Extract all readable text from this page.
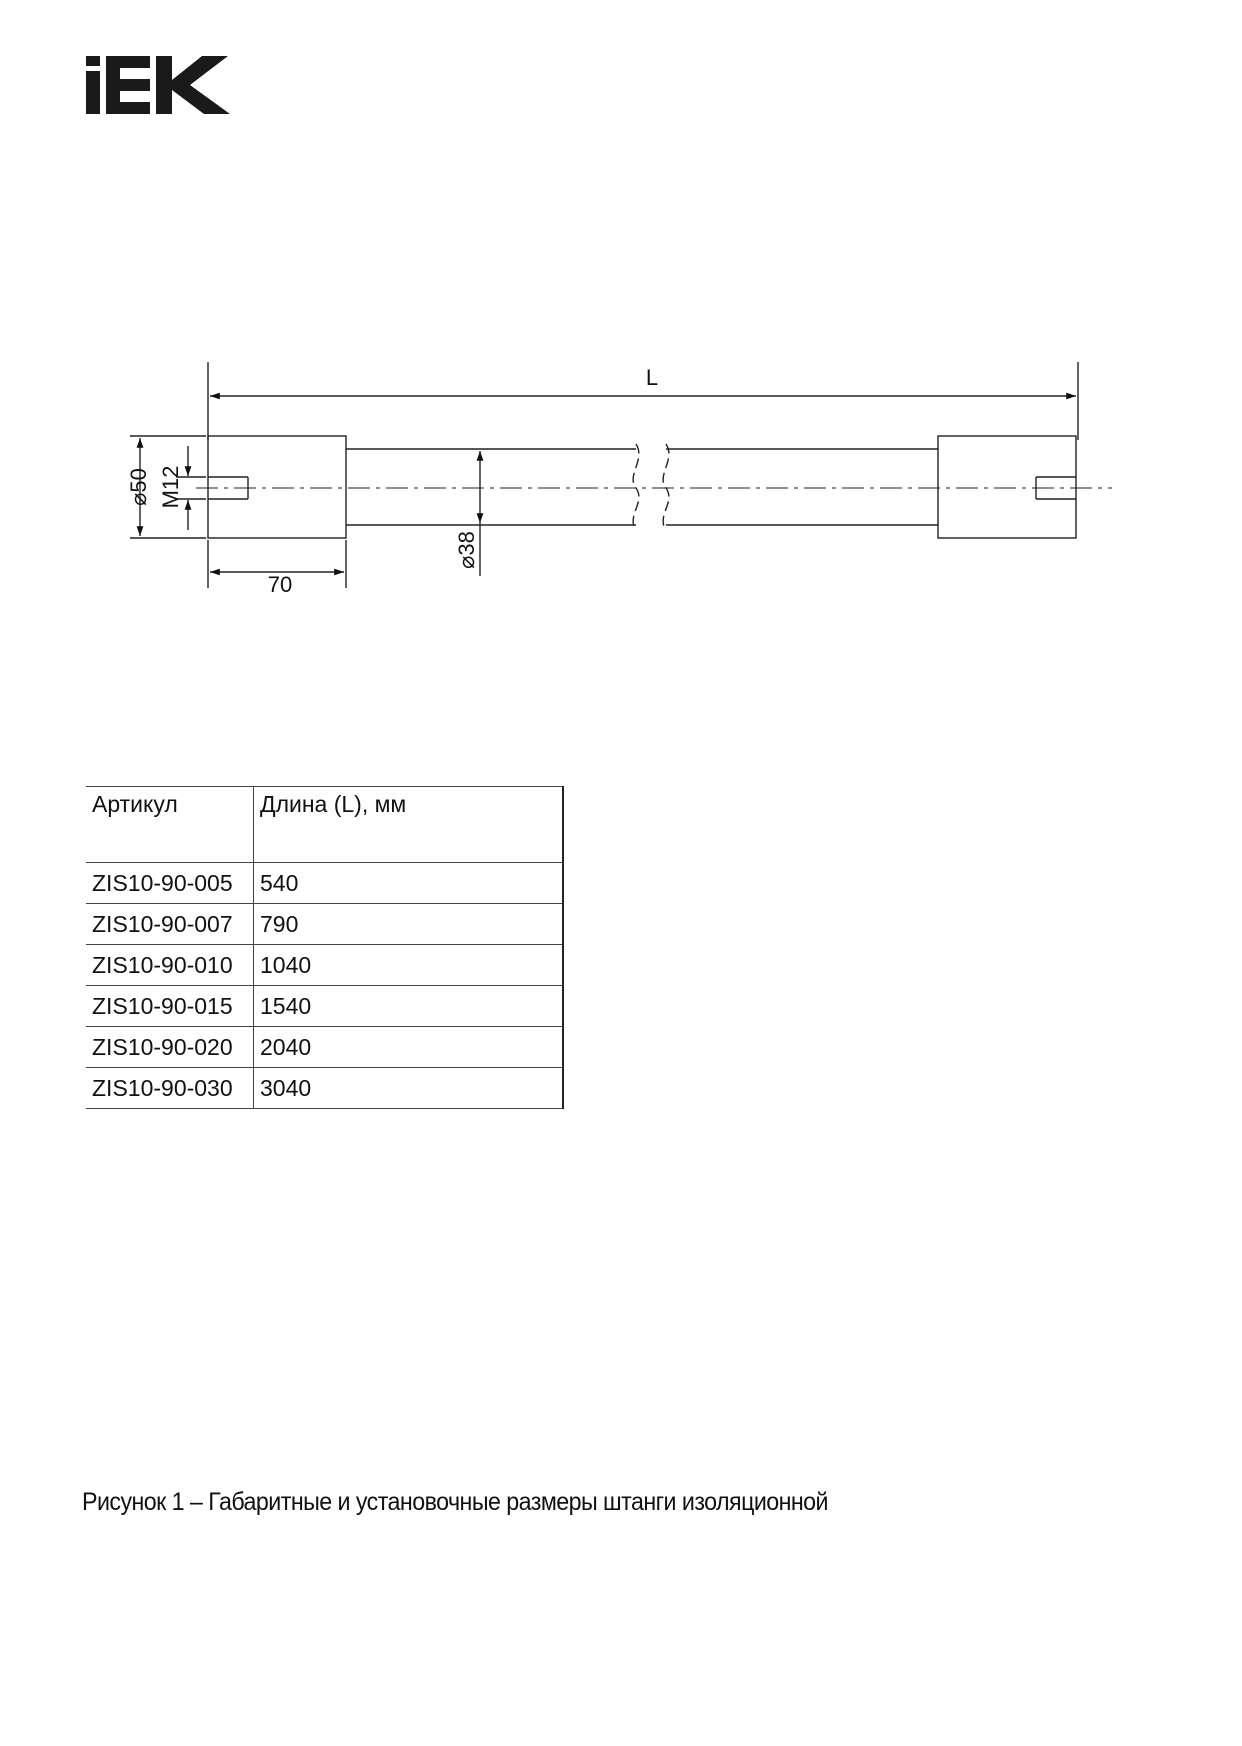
L
⌀50 M12
⌀38
70
Артикул	Длина (L), мм
ZIS10-90-005	540
ZIS10-90-007	790
ZIS10-90-010	1040
ZIS10-90-015	1540
ZIS10-90-020	2040
ZIS10-90-030	3040
Рисунок 1 – Габаритные и установочные размеры штанги изоляционной
